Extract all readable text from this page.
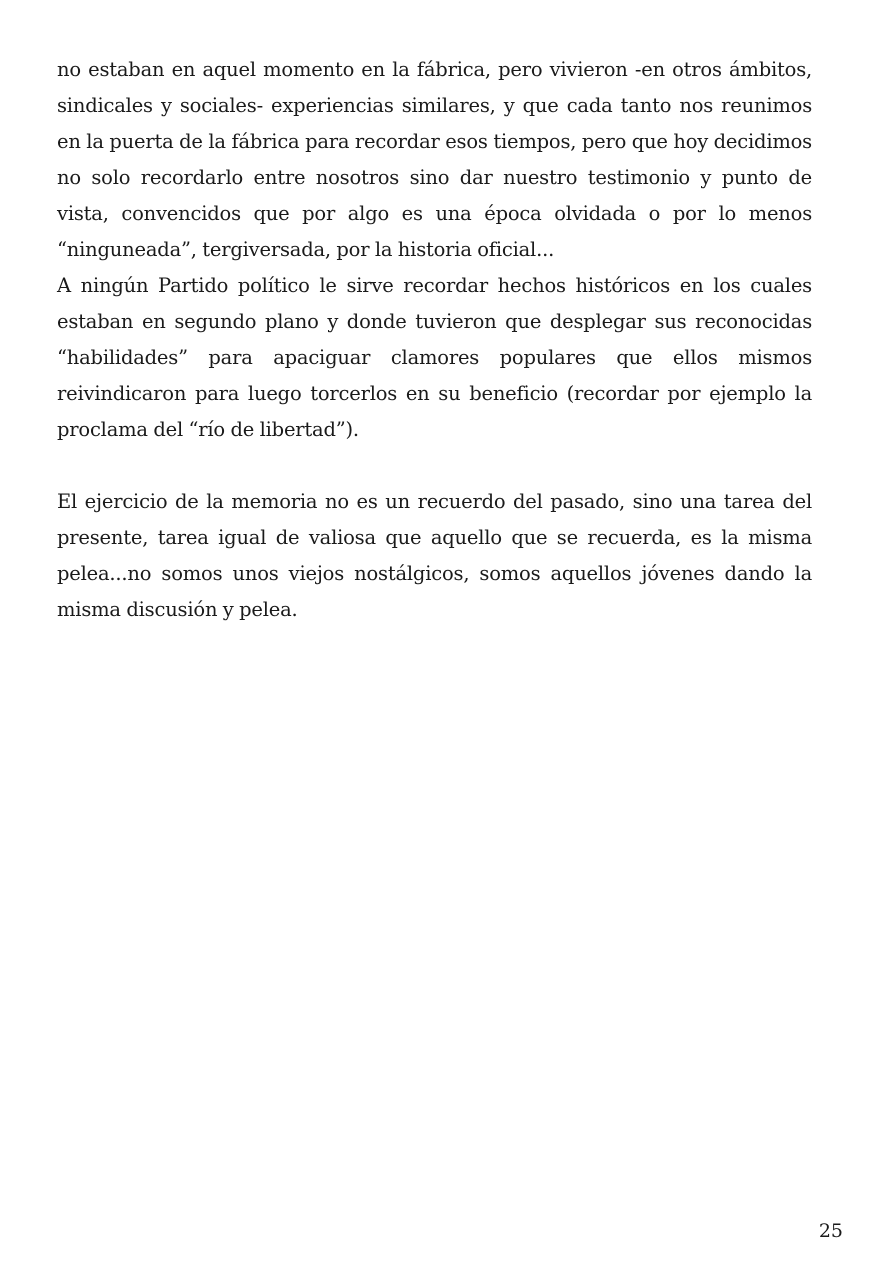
no estaban en aquel momento en la fábrica, pero vivieron -en otros ámbitos, sindicales y sociales- experiencias similares, y que cada tanto nos reunimos en la puerta de la fábrica para recordar esos tiempos, pero que hoy decidimos no solo recordarlo entre nosotros sino dar nuestro testimonio y punto de vista, convencidos que por algo es una época olvidada o por lo menos “ninguneada”, tergiversada, por la historia oficial...

A ningún Partido político le sirve recordar hechos históricos en los cuales estaban en segundo plano y donde tuvieron que desplegar sus reconocidas “habilidades” para apaciguar clamores populares que ellos mismos reivindicaron para luego torcerlos en su beneficio (recordar por ejemplo la proclama del “río de libertad”).

El ejercicio de la memoria no es un recuerdo del pasado, sino una tarea del presente, tarea igual de valiosa que aquello que se recuerda, es la misma pelea...no somos unos viejos nostálgicos, somos aquellos jóvenes dando la misma discusión y pelea.

25
